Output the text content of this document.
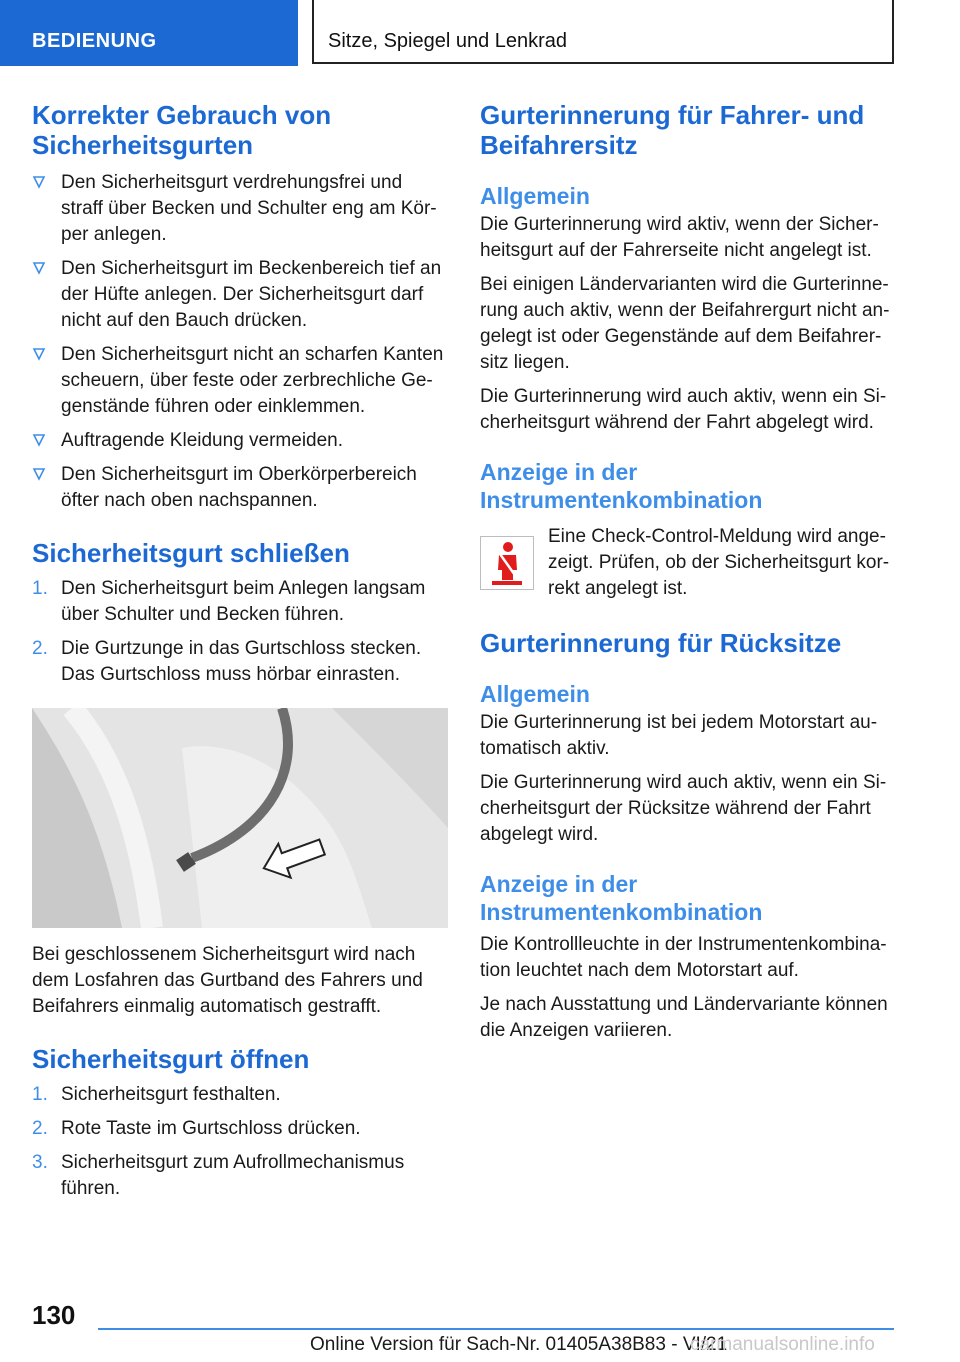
BEDIENUNG	Sitze, Spiegel und Lenkrad
Korrekter Gebrauch von Sicherheitsgurten
Den Sicherheitsgurt verdrehungsfrei und straff über Becken und Schulter eng am Kör‐per anlegen.
Den Sicherheitsgurt im Beckenbereich tief an der Hüfte anlegen. Der Sicherheitsgurt darf nicht auf den Bauch drücken.
Den Sicherheitsgurt nicht an scharfen Kanten scheuern, über feste oder zerbrechliche Ge‐genstände führen oder einklemmen.
Auftragende Kleidung vermeiden.
Den Sicherheitsgurt im Oberkörperbereich öfter nach oben nachspannen.
Sicherheitsgurt schließen
1. Den Sicherheitsgurt beim Anlegen langsam über Schulter und Becken führen.
2. Die Gurtzunge in das Gurtschloss stecken. Das Gurtschloss muss hörbar einrasten.

Bei geschlossenem Sicherheitsgurt wird nach dem Losfahren das Gurtband des Fahrers und Beifahrers einmalig automatisch gestrafft.

Sicherheitsgurt öffnen
1. Sicherheitsgurt festhalten.
2. Rote Taste im Gurtschloss drücken.
3. Sicherheitsgurt zum Aufrollmechanismus führen.
Gurterinnerung für Fahrer- und Beifahrersitz
Allgemein

Die Gurterinnerung wird aktiv, wenn der Sicher‐heitsgurt auf der Fahrerseite nicht angelegt ist.

Bei einigen Ländervarianten wird die Gurterinne‐rung auch aktiv, wenn der Beifahrergurt nicht an‐gelegt ist oder Gegenstände auf dem Beifahrer‐sitz liegen.

Die Gurterinnerung wird auch aktiv, wenn ein Si‐cherheitsgurt während der Fahrt abgelegt wird.

Anzeige in der Instrumentenkombination

Eine Check-Control-Meldung wird ange‐zeigt. Prüfen, ob der Sicherheitsgurt kor‐rekt angelegt ist.

Gurterinnerung für Rücksitze
Allgemein

Die Gurterinnerung ist bei jedem Motorstart au‐tomatisch aktiv.

Die Gurterinnerung wird auch aktiv, wenn ein Si‐cherheitsgurt der Rücksitze während der Fahrt abgelegt wird.

Anzeige in der Instrumentenkombination

Die Kontrollleuchte in der Instrumentenkombina‐tion leuchtet nach dem Motorstart auf.

Je nach Ausstattung und Ländervariante können die Anzeigen variieren.

130
Online Version für Sach-Nr. 01405A38B83 - VI/21
carmanualsonline.info
